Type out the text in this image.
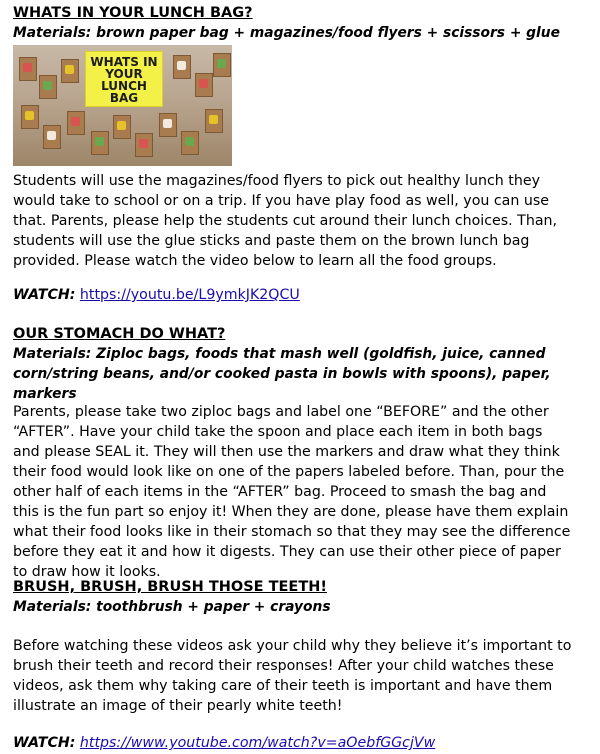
WHATS IN YOUR LUNCH BAG?
Materials: brown paper bag + magazines/food flyers + scissors + glue
WHATS IN YOUR LUNCH BAG

Students will use the magazines/food flyers to pick out healthy lunch they would take to school or on a trip. If you have play food as well, you can use that. Parents, please help the students cut around their lunch choices. Than, students will use the glue sticks and paste them on the brown lunch bag provided. Please watch the video below to learn all the food groups.

WATCH: https://youtu.be/L9ymkJK2QCU
OUR STOMACH DO WHAT?
Materials: Ziploc bags, foods that mash well (goldfish, juice, canned corn/string beans, and/or cooked pasta in bowls with spoons), paper, markers

Parents, please take two ziploc bags and label one “BEFORE” and the other “AFTER”. Have your child take the spoon and place each item in both bags and please SEAL it. They will then use the markers and draw what they think their food would look like on one of the papers labeled before. Than, pour the other half of each items in the “AFTER” bag. Proceed to smash the bag and this is the fun part so enjoy it! When they are done, please have them explain what their food looks like in their stomach so that they may see the difference before they eat it and how it digests. They can use their other piece of paper to draw how it looks.

BRUSH, BRUSH, BRUSH THOSE TEETH!
Materials: toothbrush + paper + crayons

Before watching these videos ask your child why they believe it’s important to brush their teeth and record their responses! After your child watches these videos, ask them why taking care of their teeth is important and have them illustrate an image of their pearly white teeth!

WATCH: https://www.youtube.com/watch?v=aOebfGGcjVw
